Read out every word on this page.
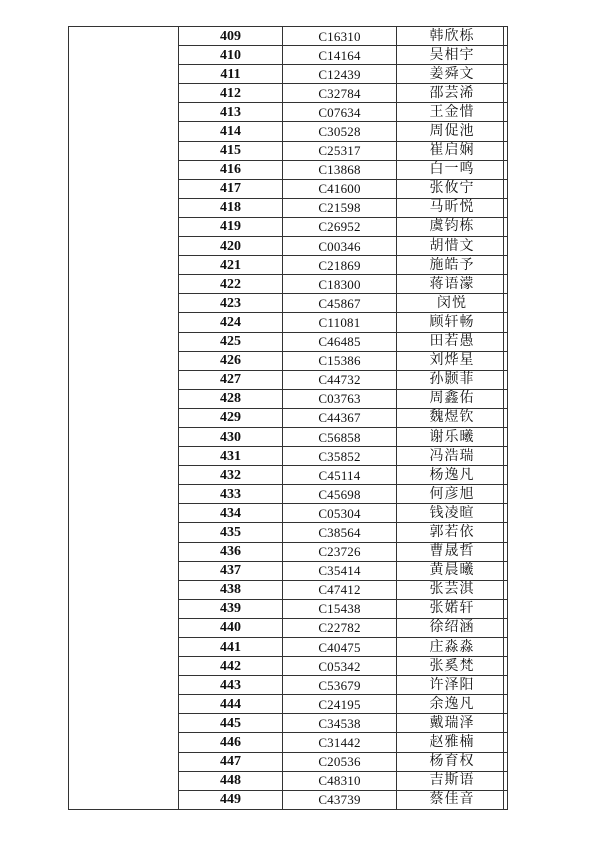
409	C16310	韩欣栎
410	C14164	吴相宇
411	C12439	姜舜文
412	C32784	邵芸浠
413	C07634	王金惜
414	C30528	周促池
415	C25317	崔启娴
416	C13868	白一鸣
417	C41600	张攸宁
418	C21598	马昕悦
419	C26952	虞钧栋
420	C00346	胡惜文
421	C21869	施皓予
422	C18300	蒋语濛
423	C45867	闵悦
424	C11081	顾轩畅
425	C46485	田若愚
426	C15386	刘烨星
427	C44732	孙颢菲
428	C03763	周鑫佑
429	C44367	魏煜钦
430	C56858	谢乐曦
431	C35852	冯浩瑞
432	C45114	杨逸凡
433	C45698	何彦旭
434	C05304	钱凌暄
435	C38564	郭若依
436	C23726	曹晟哲
437	C35414	黄晨曦
438	C47412	张芸淇
439	C15438	张婼轩
440	C22782	徐绍涵
441	C40475	庄淼淼
442	C05342	张奚梵
443	C53679	许泽阳
444	C24195	余逸凡
445	C34538	戴瑞泽
446	C31442	赵雅楠
447	C20536	杨育权
448	C48310	吉斯语
449	C43739	蔡佳音
